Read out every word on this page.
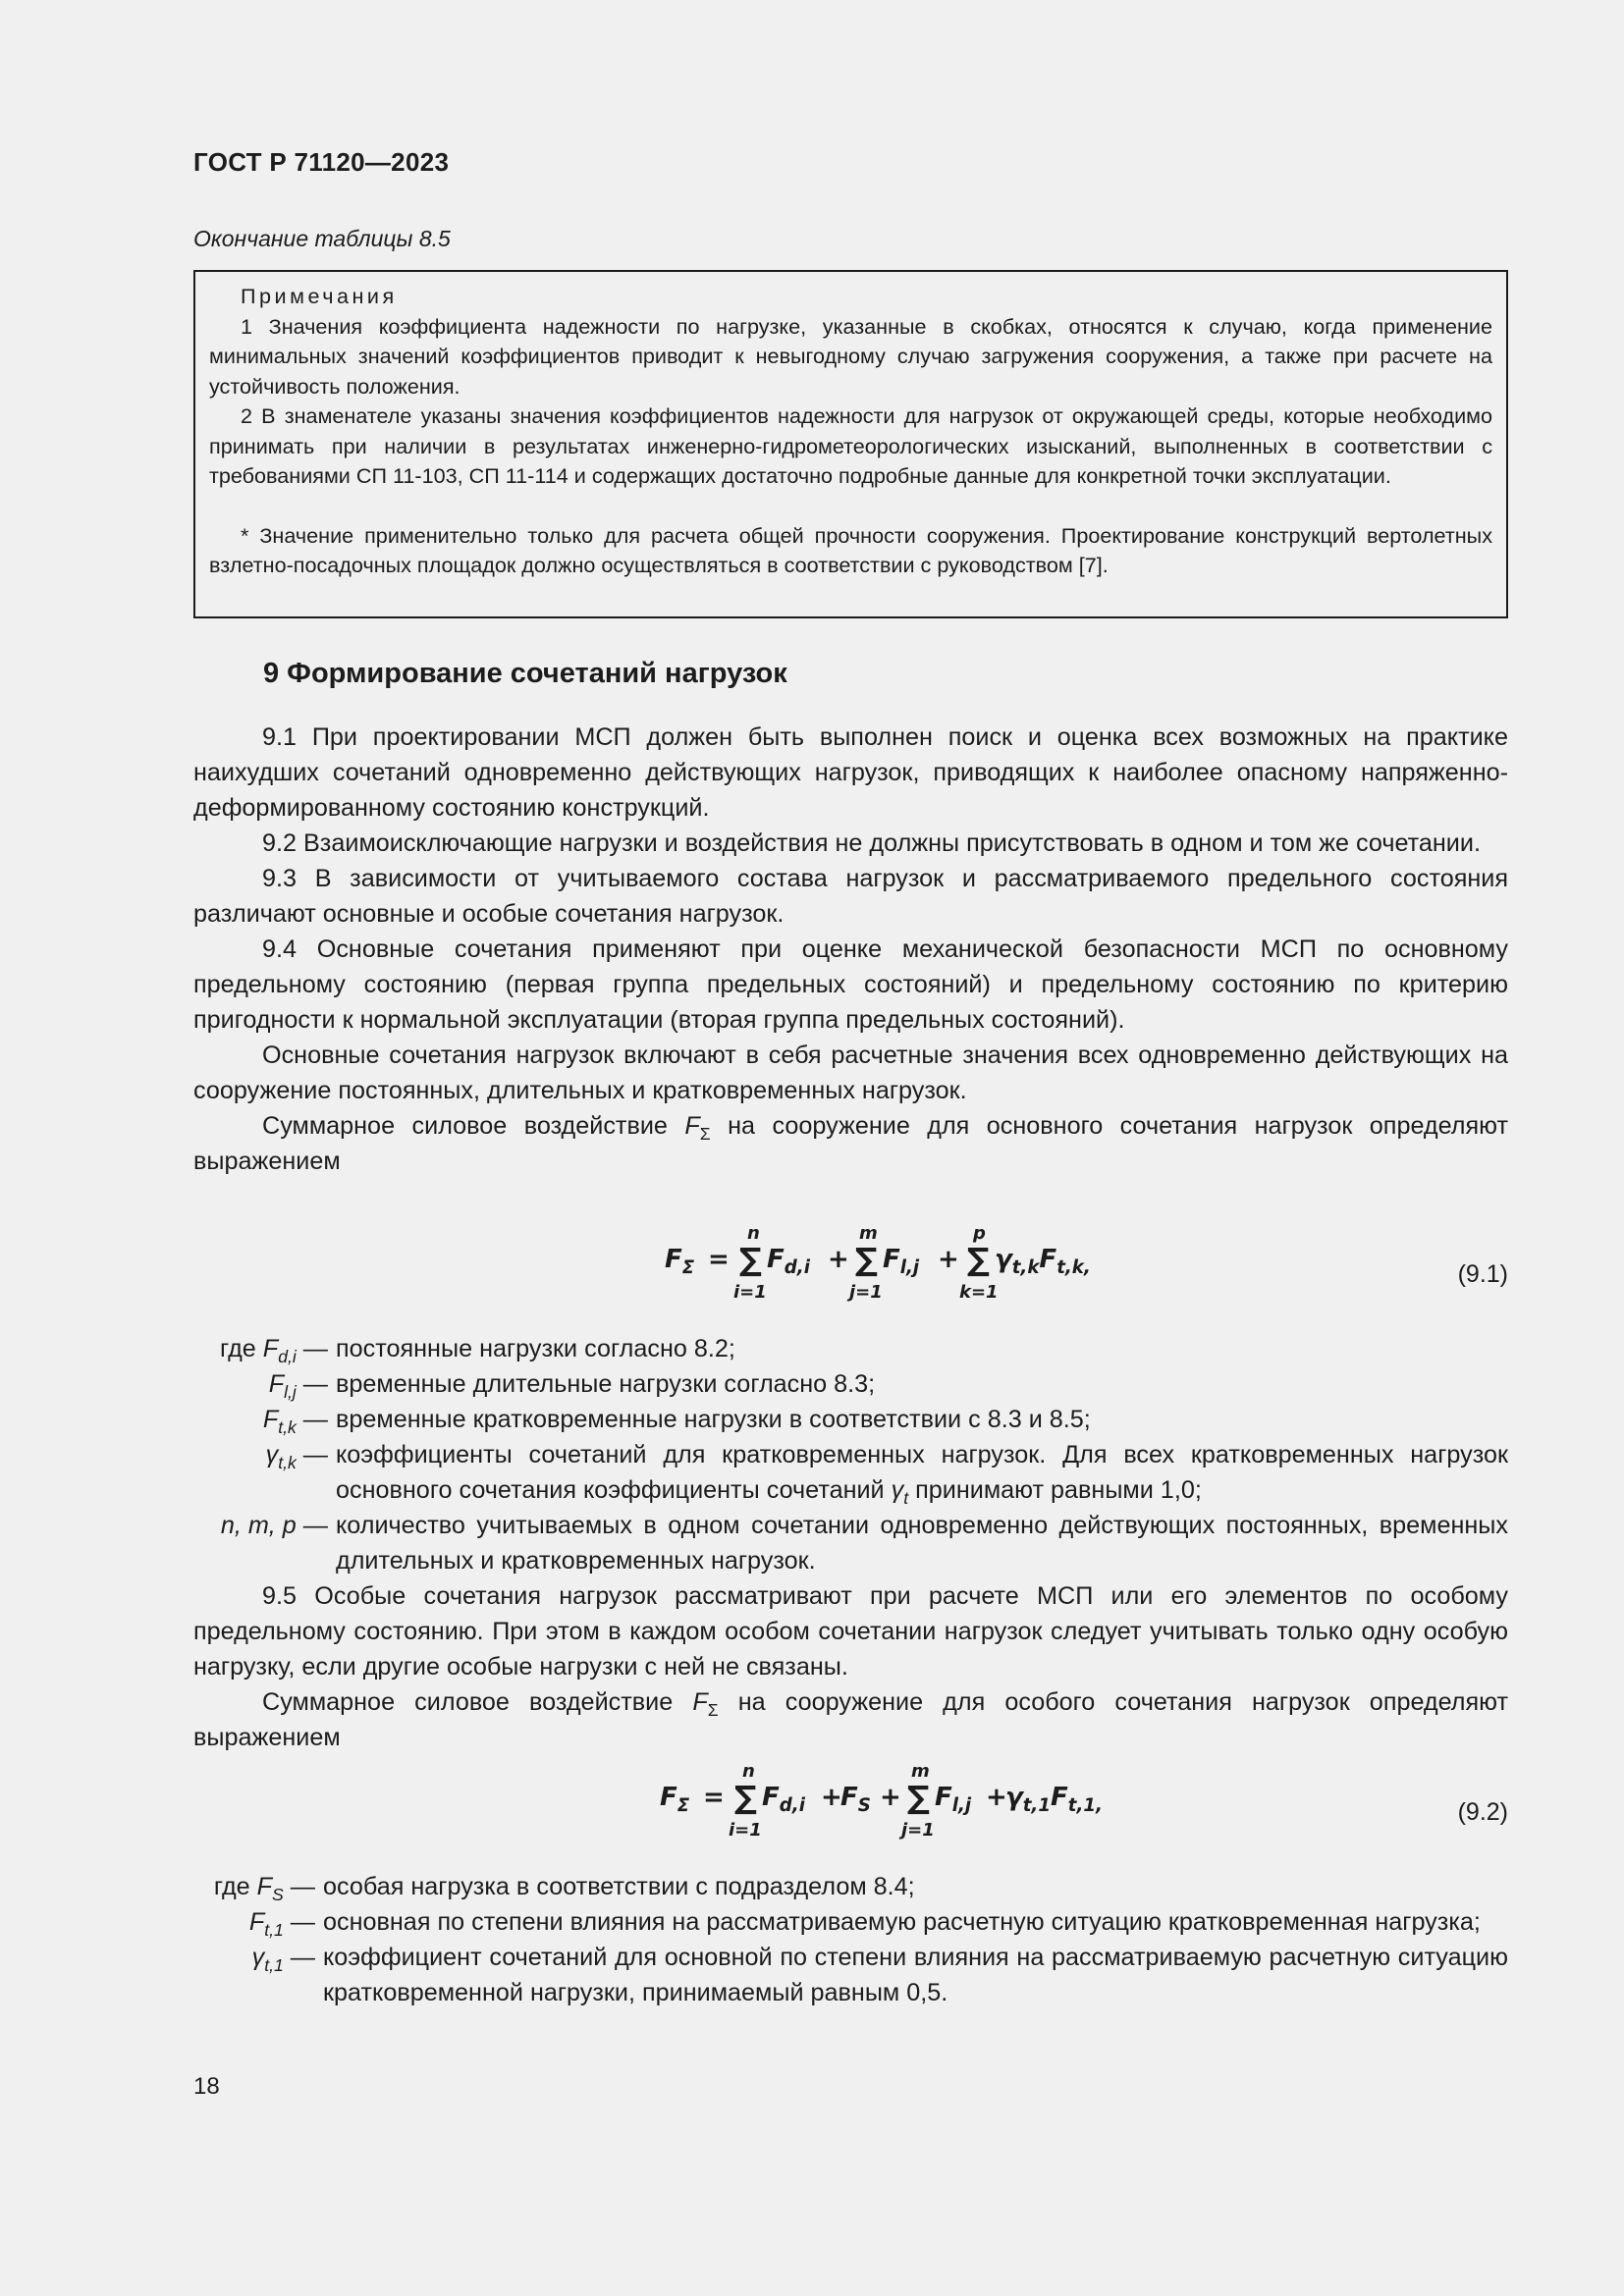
ГОСТ Р 71120—2023
Окончание таблицы 8.5
Примечания

1 Значения коэффициента надежности по нагрузке, указанные в скобках, относятся к случаю, когда применение минимальных значений коэффициентов приводит к невыгодному случаю загружения сооружения, а также при расчете на устойчивость положения.

2 В знаменателе указаны значения коэффициентов надежности для нагрузок от окружающей среды, которые необходимо принимать при наличии в результатах инженерно-гидрометеорологических изысканий, выполненных в соответствии с требованиями СП 11-103, СП 11-114 и содержащих достаточно подробные данные для конкретной точки эксплуатации.

* Значение применительно только для расчета общей прочности сооружения. Проектирование конструкций вертолетных взлетно-посадочных площадок должно осуществляться в соответствии с руководством [7].

9 Формирование сочетаний нагрузок

9.1 При проектировании МСП должен быть выполнен поиск и оценка всех возможных на практике наихудших сочетаний одновременно действующих нагрузок, приводящих к наиболее опасному напряженно-деформированному состоянию конструкций.

9.2 Взаимоисключающие нагрузки и воздействия не должны присутствовать в одном и том же сочетании.

9.3 В зависимости от учитываемого состава нагрузок и рассматриваемого предельного состояния различают основные и особые сочетания нагрузок.

9.4 Основные сочетания применяют при оценке механической безопасности МСП по основному предельному состоянию (первая группа предельных состояний) и предельному состоянию по критерию пригодности к нормальной эксплуатации (вторая группа предельных состояний).

Основные сочетания нагрузок включают в себя расчетные значения всех одновременно действующих на сооружение постоянных, длительных и кратковременных нагрузок.

Суммарное силовое воздействие $F_\Sigma$ на сооружение для основного сочетания нагрузок определяют выражением

$F_\Sigma$ =
n
∑
i=1
$F_{d,i}$ +
m
∑
j=1
$F_{l,j}$ +
p
∑
k=1
$\gamma_{t,k}F_{t,k,}$	(9.1)
где $F_{d,i}$ — постоянные нагрузки согласно 8.2;
$F_{l,j}$ — временные длительные нагрузки согласно 8.3;
$F_{t,k}$ — временные кратковременные нагрузки в соответствии с 8.3 и 8.5;
$\gamma_{t,k}$ — коэффициенты сочетаний для кратковременных нагрузок. Для всех кратковременных нагрузок основного сочетания коэффициенты сочетаний $\gamma_t$ принимают равными 1,0;
n, m, p — количество учитываемых в одном сочетании одновременно действующих постоянных, временных длительных и кратковременных нагрузок.

9.5 Особые сочетания нагрузок рассматривают при расчете МСП или его элементов по особому предельному состоянию. При этом в каждом особом сочетании нагрузок следует учитывать только одну особую нагрузку, если другие особые нагрузки с ней не связаны.

Суммарное силовое воздействие $F_\Sigma$ на сооружение для особого сочетания нагрузок определяют выражением

$F_\Sigma$ =
n
∑
i=1
$F_{d,i}$ +
$F_S$ +
m
∑
j=1
$F_{l,j}$ +
$\gamma_{t,1}F_{t,1,}$	(9.2)
где $F_S$ — особая нагрузка в соответствии с подразделом 8.4;
$F_{t,1}$ — основная по степени влияния на рассматриваемую расчетную ситуацию кратковременная нагрузка;
$\gamma_{t,1}$ — коэффициент сочетаний для основной по степени влияния на рассматриваемую расчетную ситуацию кратковременной нагрузки, принимаемый равным 0,5.
18
